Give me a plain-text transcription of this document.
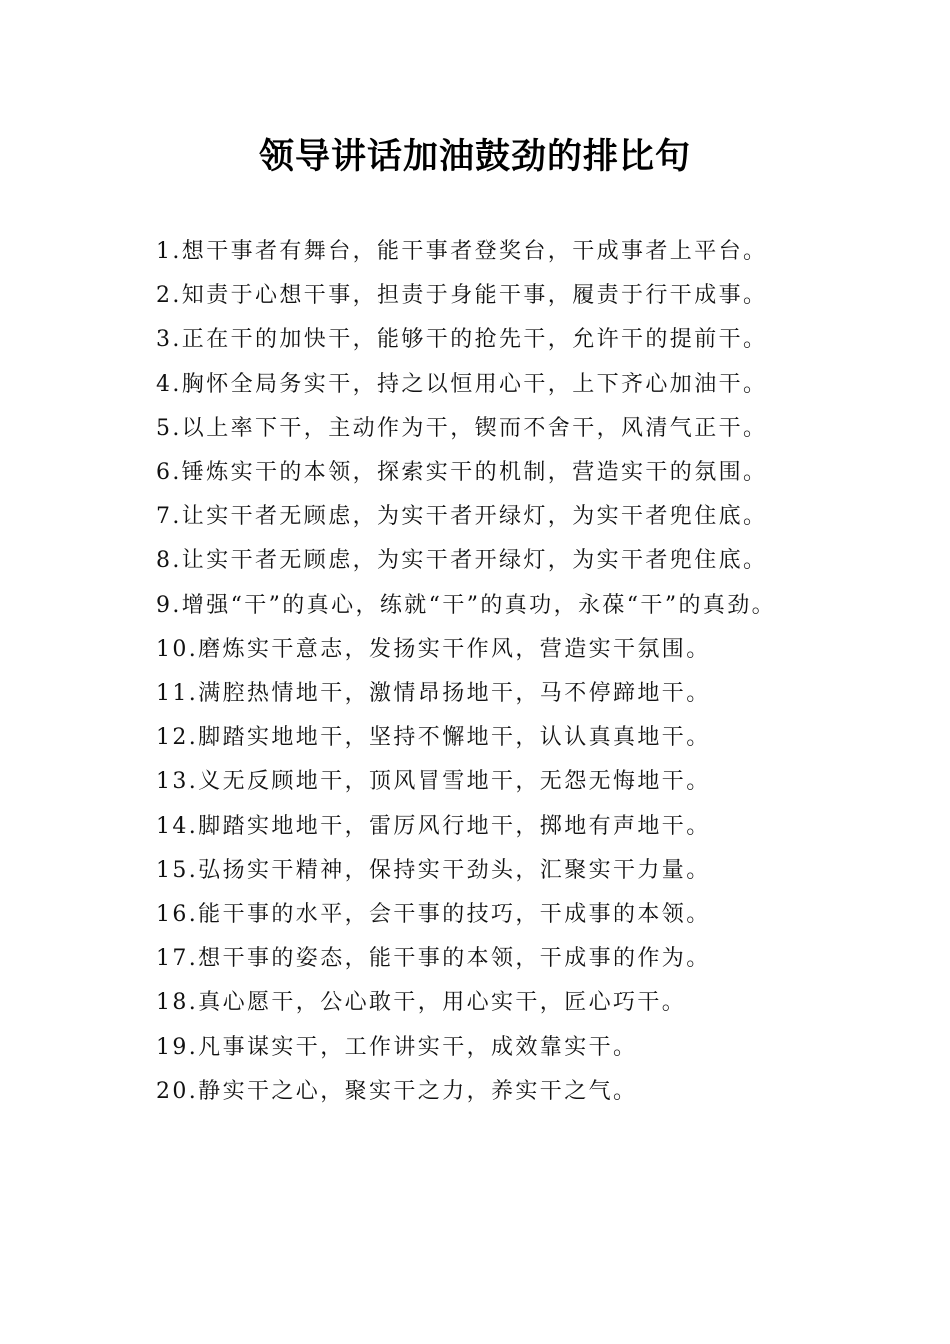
领导讲话加油鼓劲的排比句
1.想干事者有舞台，能干事者登奖台，干成事者上平台。
2.知责于心想干事，担责于身能干事，履责于行干成事。
3.正在干的加快干，能够干的抢先干，允许干的提前干。
4.胸怀全局务实干，持之以恒用心干，上下齐心加油干。
5.以上率下干，主动作为干，锲而不舍干，风清气正干。
6.锤炼实干的本领，探索实干的机制，营造实干的氛围。
7.让实干者无顾虑，为实干者开绿灯，为实干者兜住底。
8.让实干者无顾虑，为实干者开绿灯，为实干者兜住底。
9.增强“干”的真心，练就“干”的真功，永葆“干”的真劲。
10.磨炼实干意志，发扬实干作风，营造实干氛围。
11.满腔热情地干，激情昂扬地干，马不停蹄地干。
12.脚踏实地地干，坚持不懈地干，认认真真地干。
13.义无反顾地干，顶风冒雪地干，无怨无悔地干。
14.脚踏实地地干，雷厉风行地干，掷地有声地干。
15.弘扬实干精神，保持实干劲头，汇聚实干力量。
16.能干事的水平，会干事的技巧，干成事的本领。
17.想干事的姿态，能干事的本领，干成事的作为。
18.真心愿干，公心敢干，用心实干，匠心巧干。
19.凡事谋实干，工作讲实干，成效靠实干。
20.静实干之心，聚实干之力，养实干之气。
